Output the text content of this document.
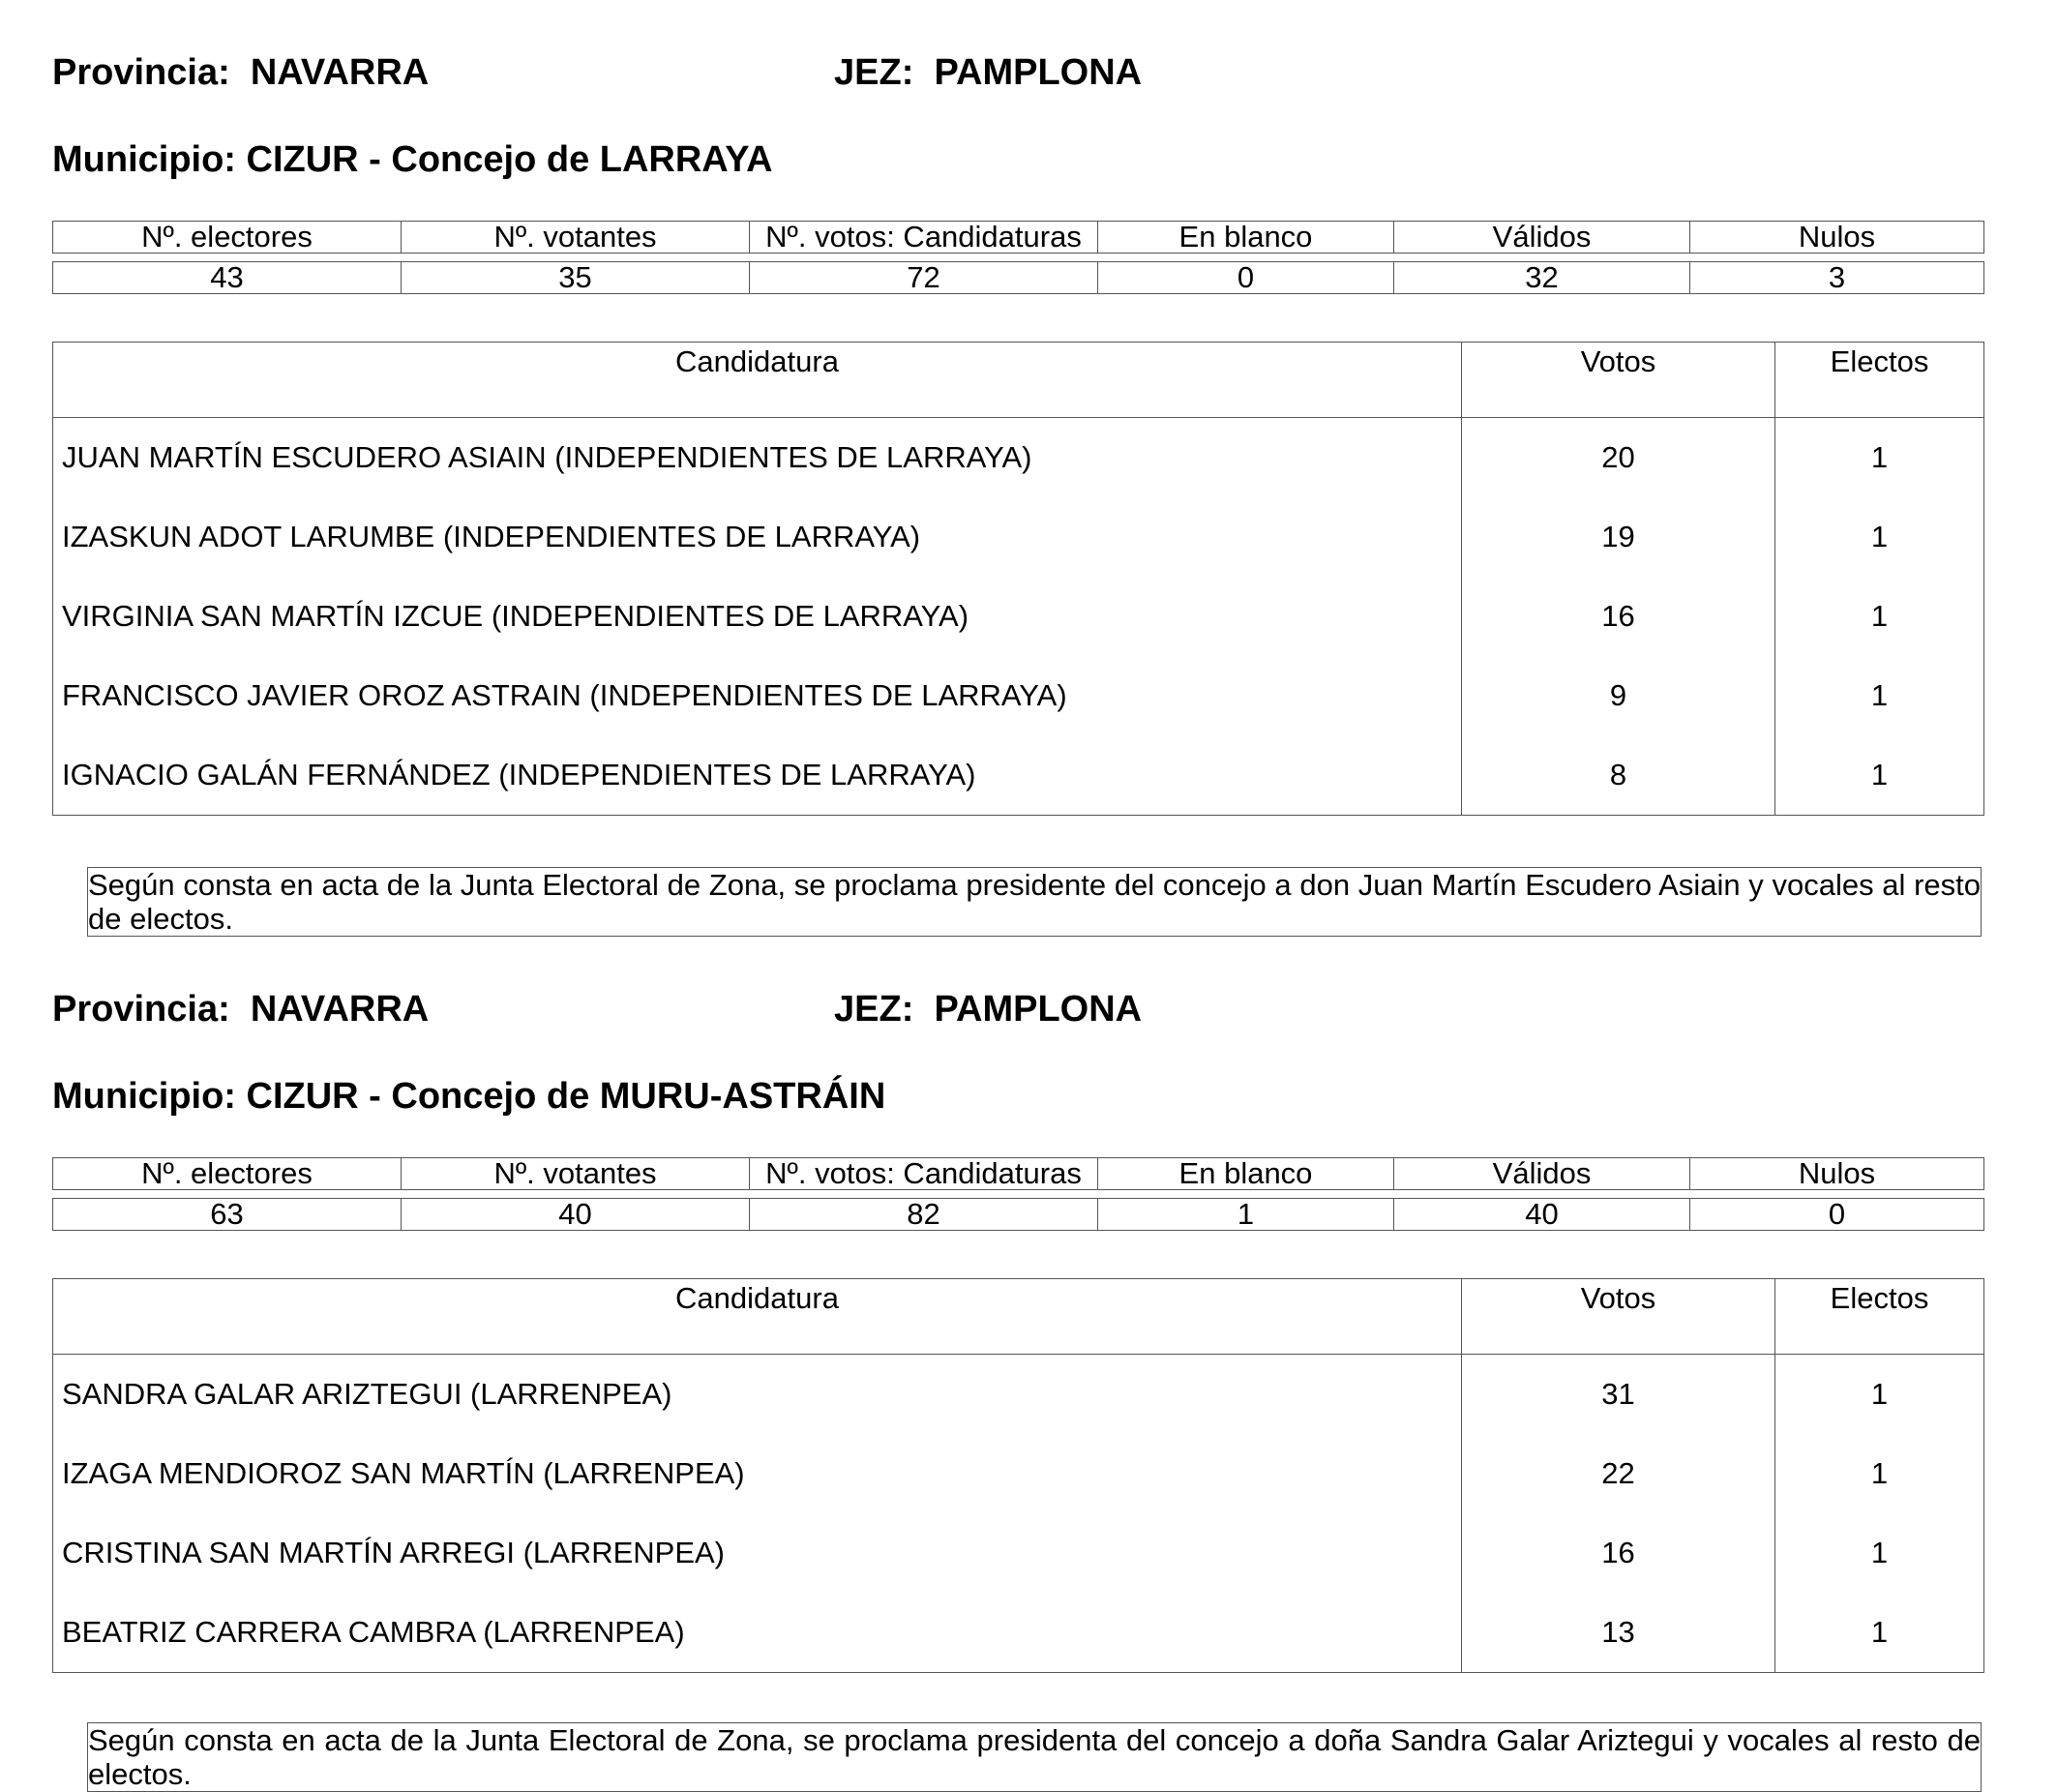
Provincia: NAVARRA	JEZ: PAMPLONA
Municipio: CIZUR - Concejo de LARRAYA
Nº. electores	Nº. votantes	Nº. votos: Candidaturas	En blanco	Válidos	Nulos
43	35	72	0	32	3
Candidatura	Votos	Electos
JUAN MARTÍN ESCUDERO ASIAIN (INDEPENDIENTES DE LARRAYA)	20	1
IZASKUN ADOT LARUMBE (INDEPENDIENTES DE LARRAYA)	19	1
VIRGINIA SAN MARTÍN IZCUE (INDEPENDIENTES DE LARRAYA)	16	1
FRANCISCO JAVIER OROZ ASTRAIN (INDEPENDIENTES DE LARRAYA)	9	1
IGNACIO GALÁN FERNÁNDEZ (INDEPENDIENTES DE LARRAYA)	8	1
Según consta en acta de la Junta Electoral de Zona, se proclama presidente del concejo a don Juan Martín Escudero Asiain y vocales al resto de electos.
Provincia: NAVARRA	JEZ: PAMPLONA
Municipio: CIZUR - Concejo de MURU-ASTRÁIN
Nº. electores	Nº. votantes	Nº. votos: Candidaturas	En blanco	Válidos	Nulos
63	40	82	1	40	0
Candidatura	Votos	Electos
SANDRA GALAR ARIZTEGUI (LARRENPEA)	31	1
IZAGA MENDIOROZ SAN MARTÍN (LARRENPEA)	22	1
CRISTINA SAN MARTÍN ARREGI (LARRENPEA)	16	1
BEATRIZ CARRERA CAMBRA (LARRENPEA)	13	1
Según consta en acta de la Junta Electoral de Zona, se proclama presidenta del concejo a doña Sandra Galar Ariztegui y vocales al resto de electos.
